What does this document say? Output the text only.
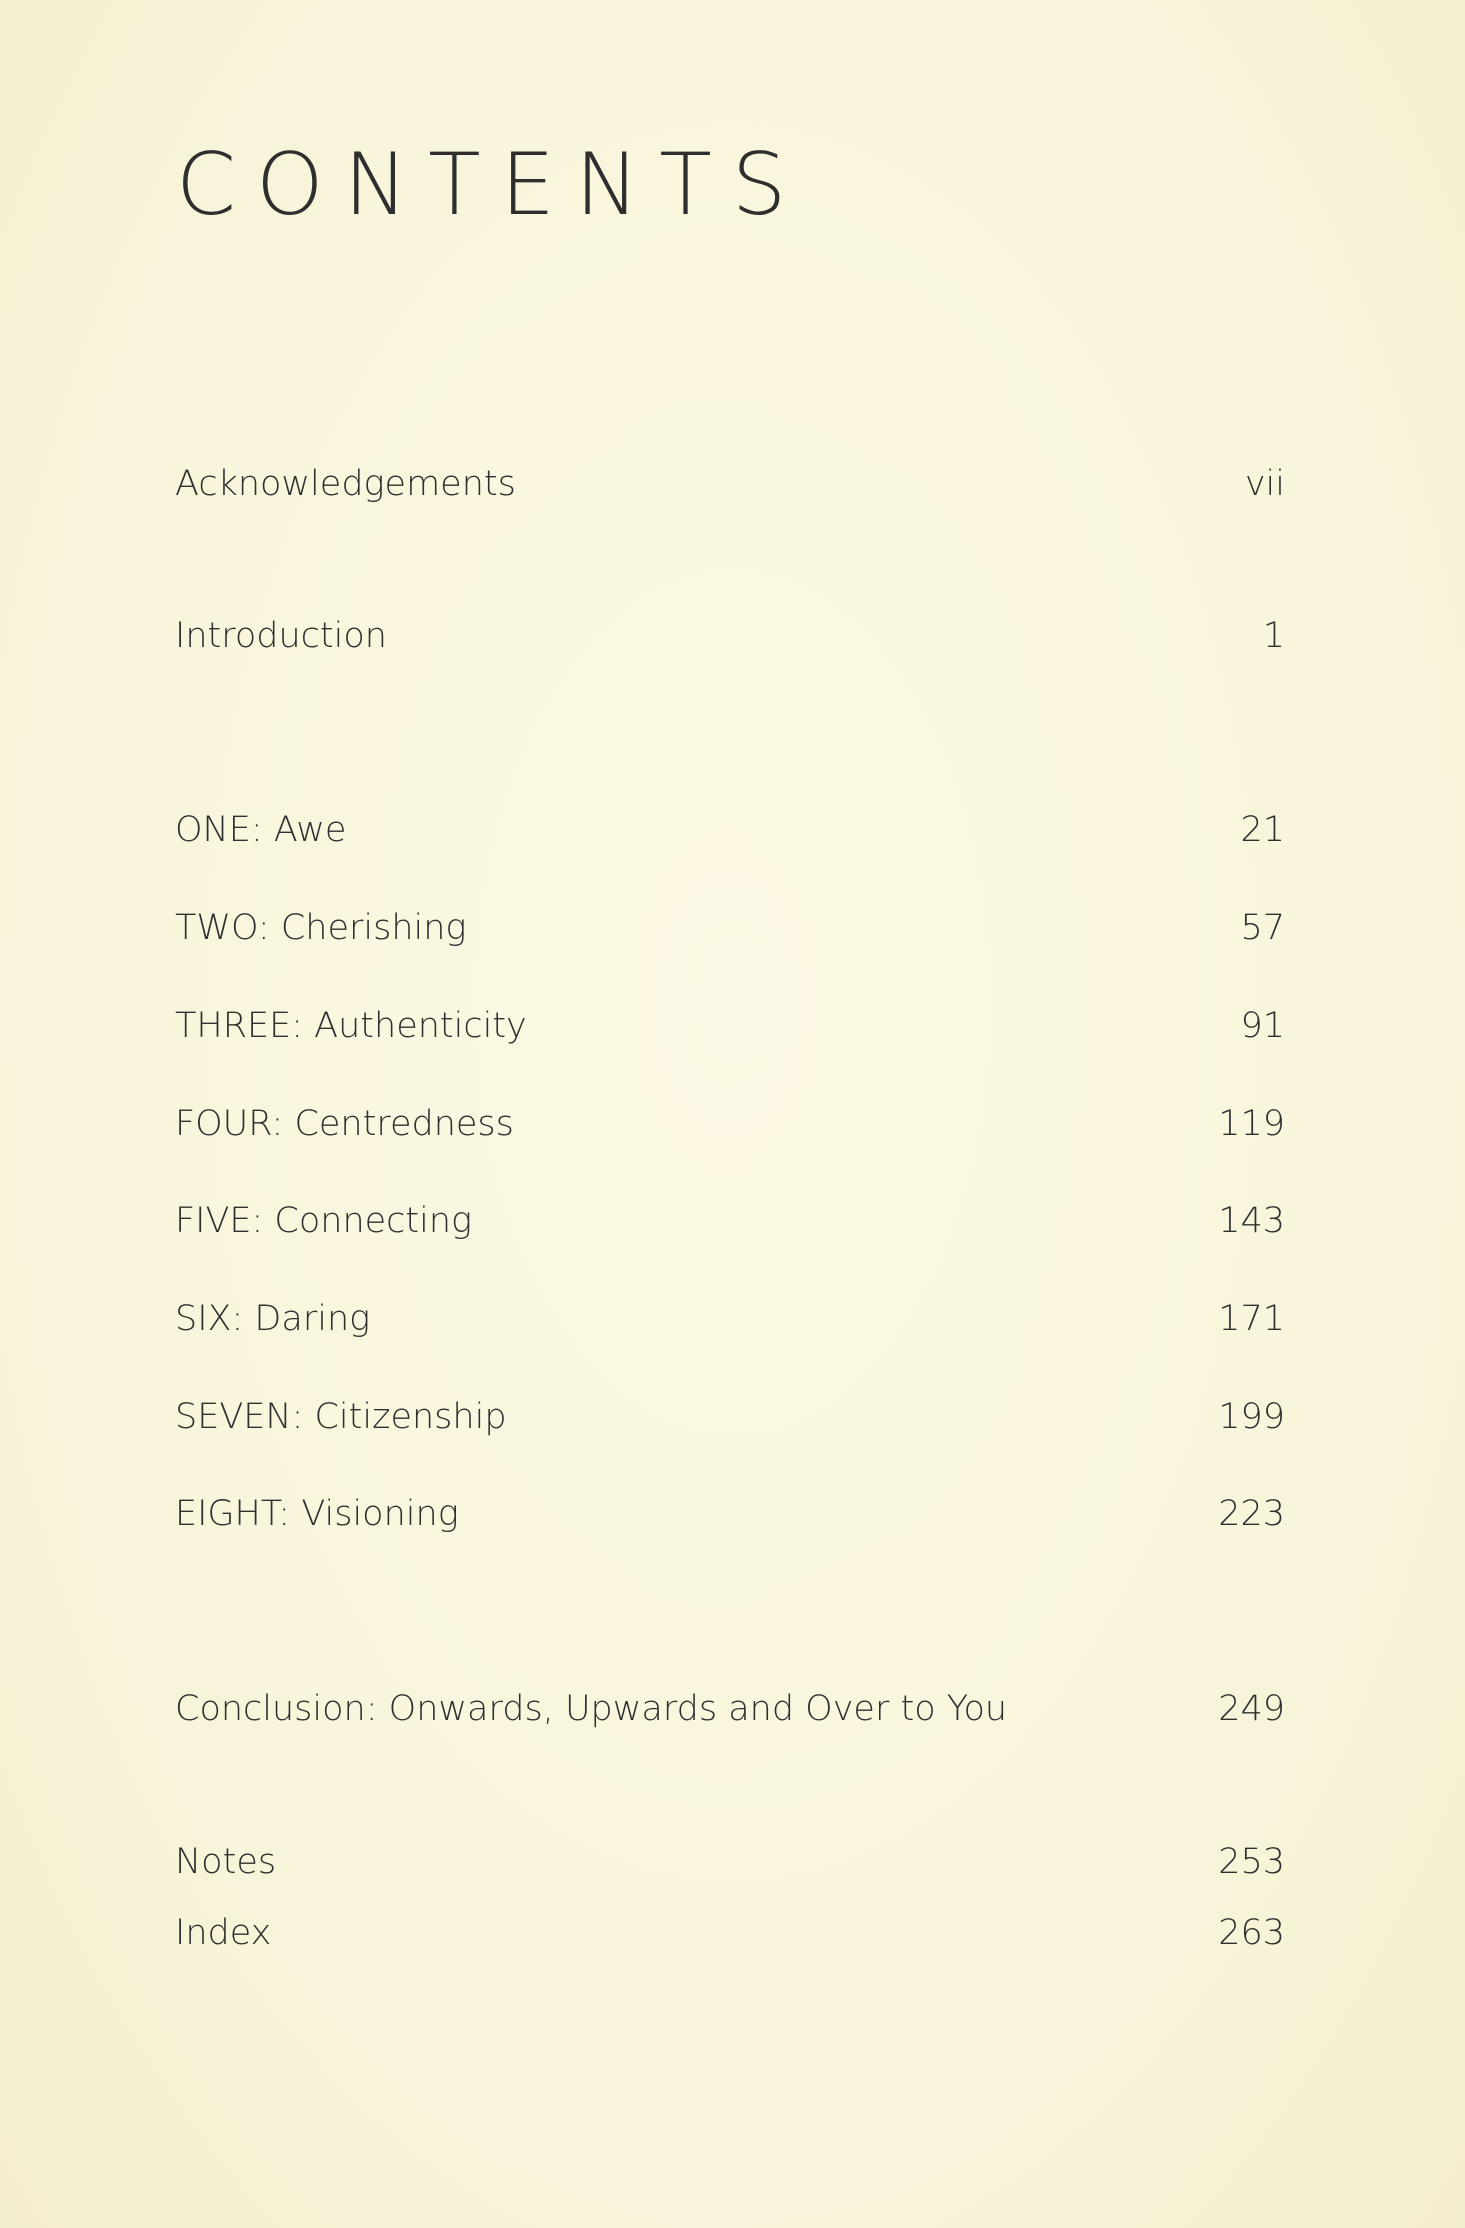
CONTENTS
Acknowledgements	vii
Introduction	1
ONE: Awe	21
TWO: Cherishing	57
THREE: Authenticity	91
FOUR: Centredness	119
FIVE: Connecting	143
SIX: Daring	171
SEVEN: Citizenship	199
EIGHT: Visioning	223
Conclusion: Onwards, Upwards and Over to You	249
Notes	253
Index	263
